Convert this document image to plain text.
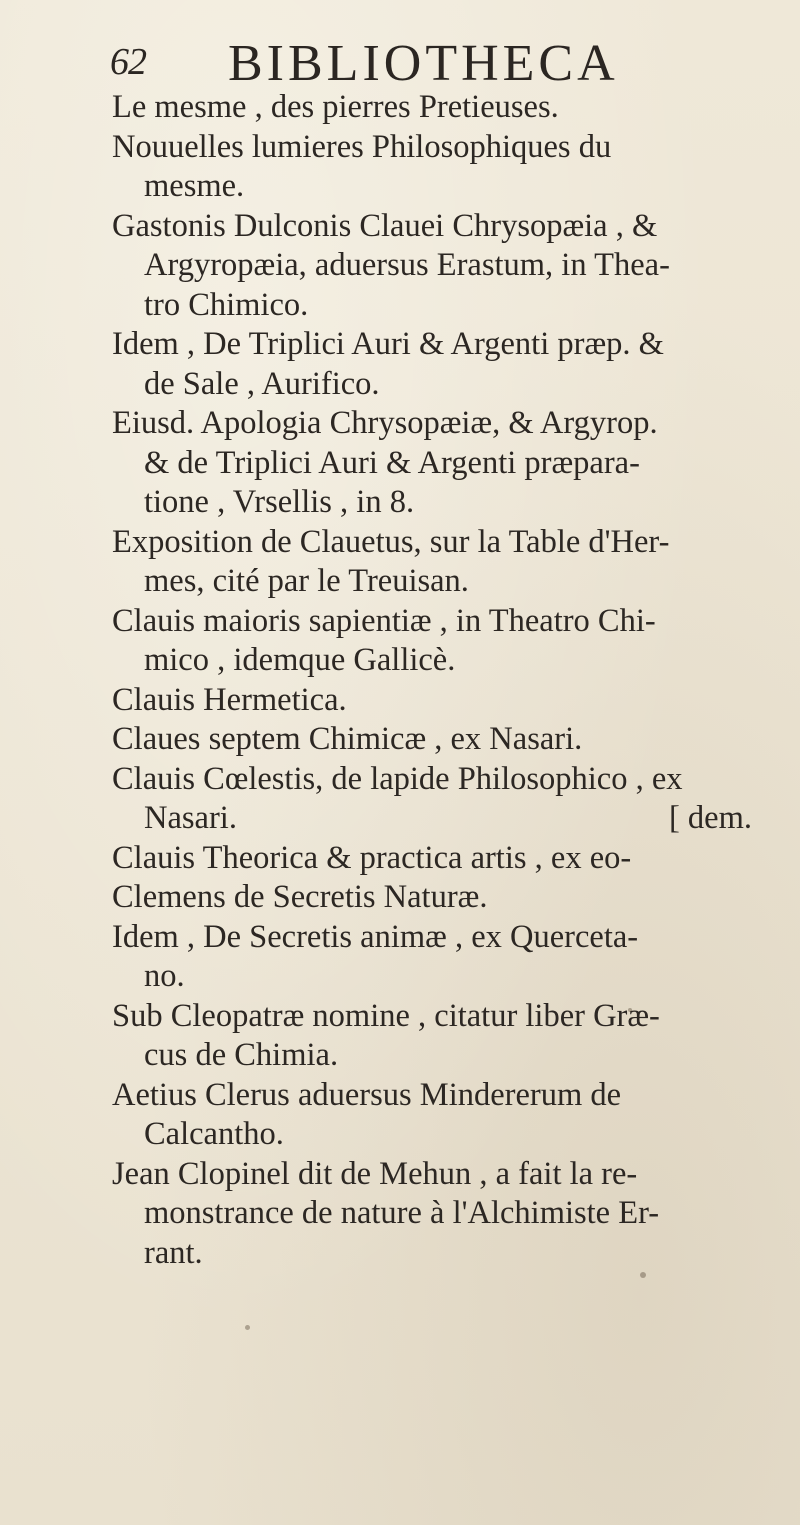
62 BIBLIOTHECA
Le mesme , des pierres Pretieuses.
Nouuelles lumieres Philosophiques du
mesme.
Gastonis Dulconis Clauei Chrysopæia , &
Argyropæia, aduersus Erastum, in Thea-
tro Chimico.
Idem , De Triplici Auri & Argenti præp. &
de Sale , Aurifico.
Eiusd. Apologia Chrysopæiæ, & Argyrop.
& de Triplici Auri & Argenti præpara-
tione , Vrsellis , in 8.
Exposition de Clauetus, sur la Table d'Her-
mes, cité par le Treuisan.
Clauis maioris sapientiæ , in Theatro Chi-
mico , idemque Gallicè.
Clauis Hermetica.
Claues septem Chimicæ , ex Nasari.
Clauis Cœlestis, de lapide Philosophico , ex
Nasari.	[ dem.
Clauis Theorica & practica artis , ex eo-
Clemens de Secretis Naturæ.
Idem , De Secretis animæ , ex Querceta-
no.
Sub Cleopatræ nomine , citatur liber Græ-
cus de Chimia.
Aetius Clerus aduersus Mindererum de
Calcantho.
Jean Clopinel dit de Mehun , a fait la re-
monstrance de nature à l'Alchimiste Er-
rant.
